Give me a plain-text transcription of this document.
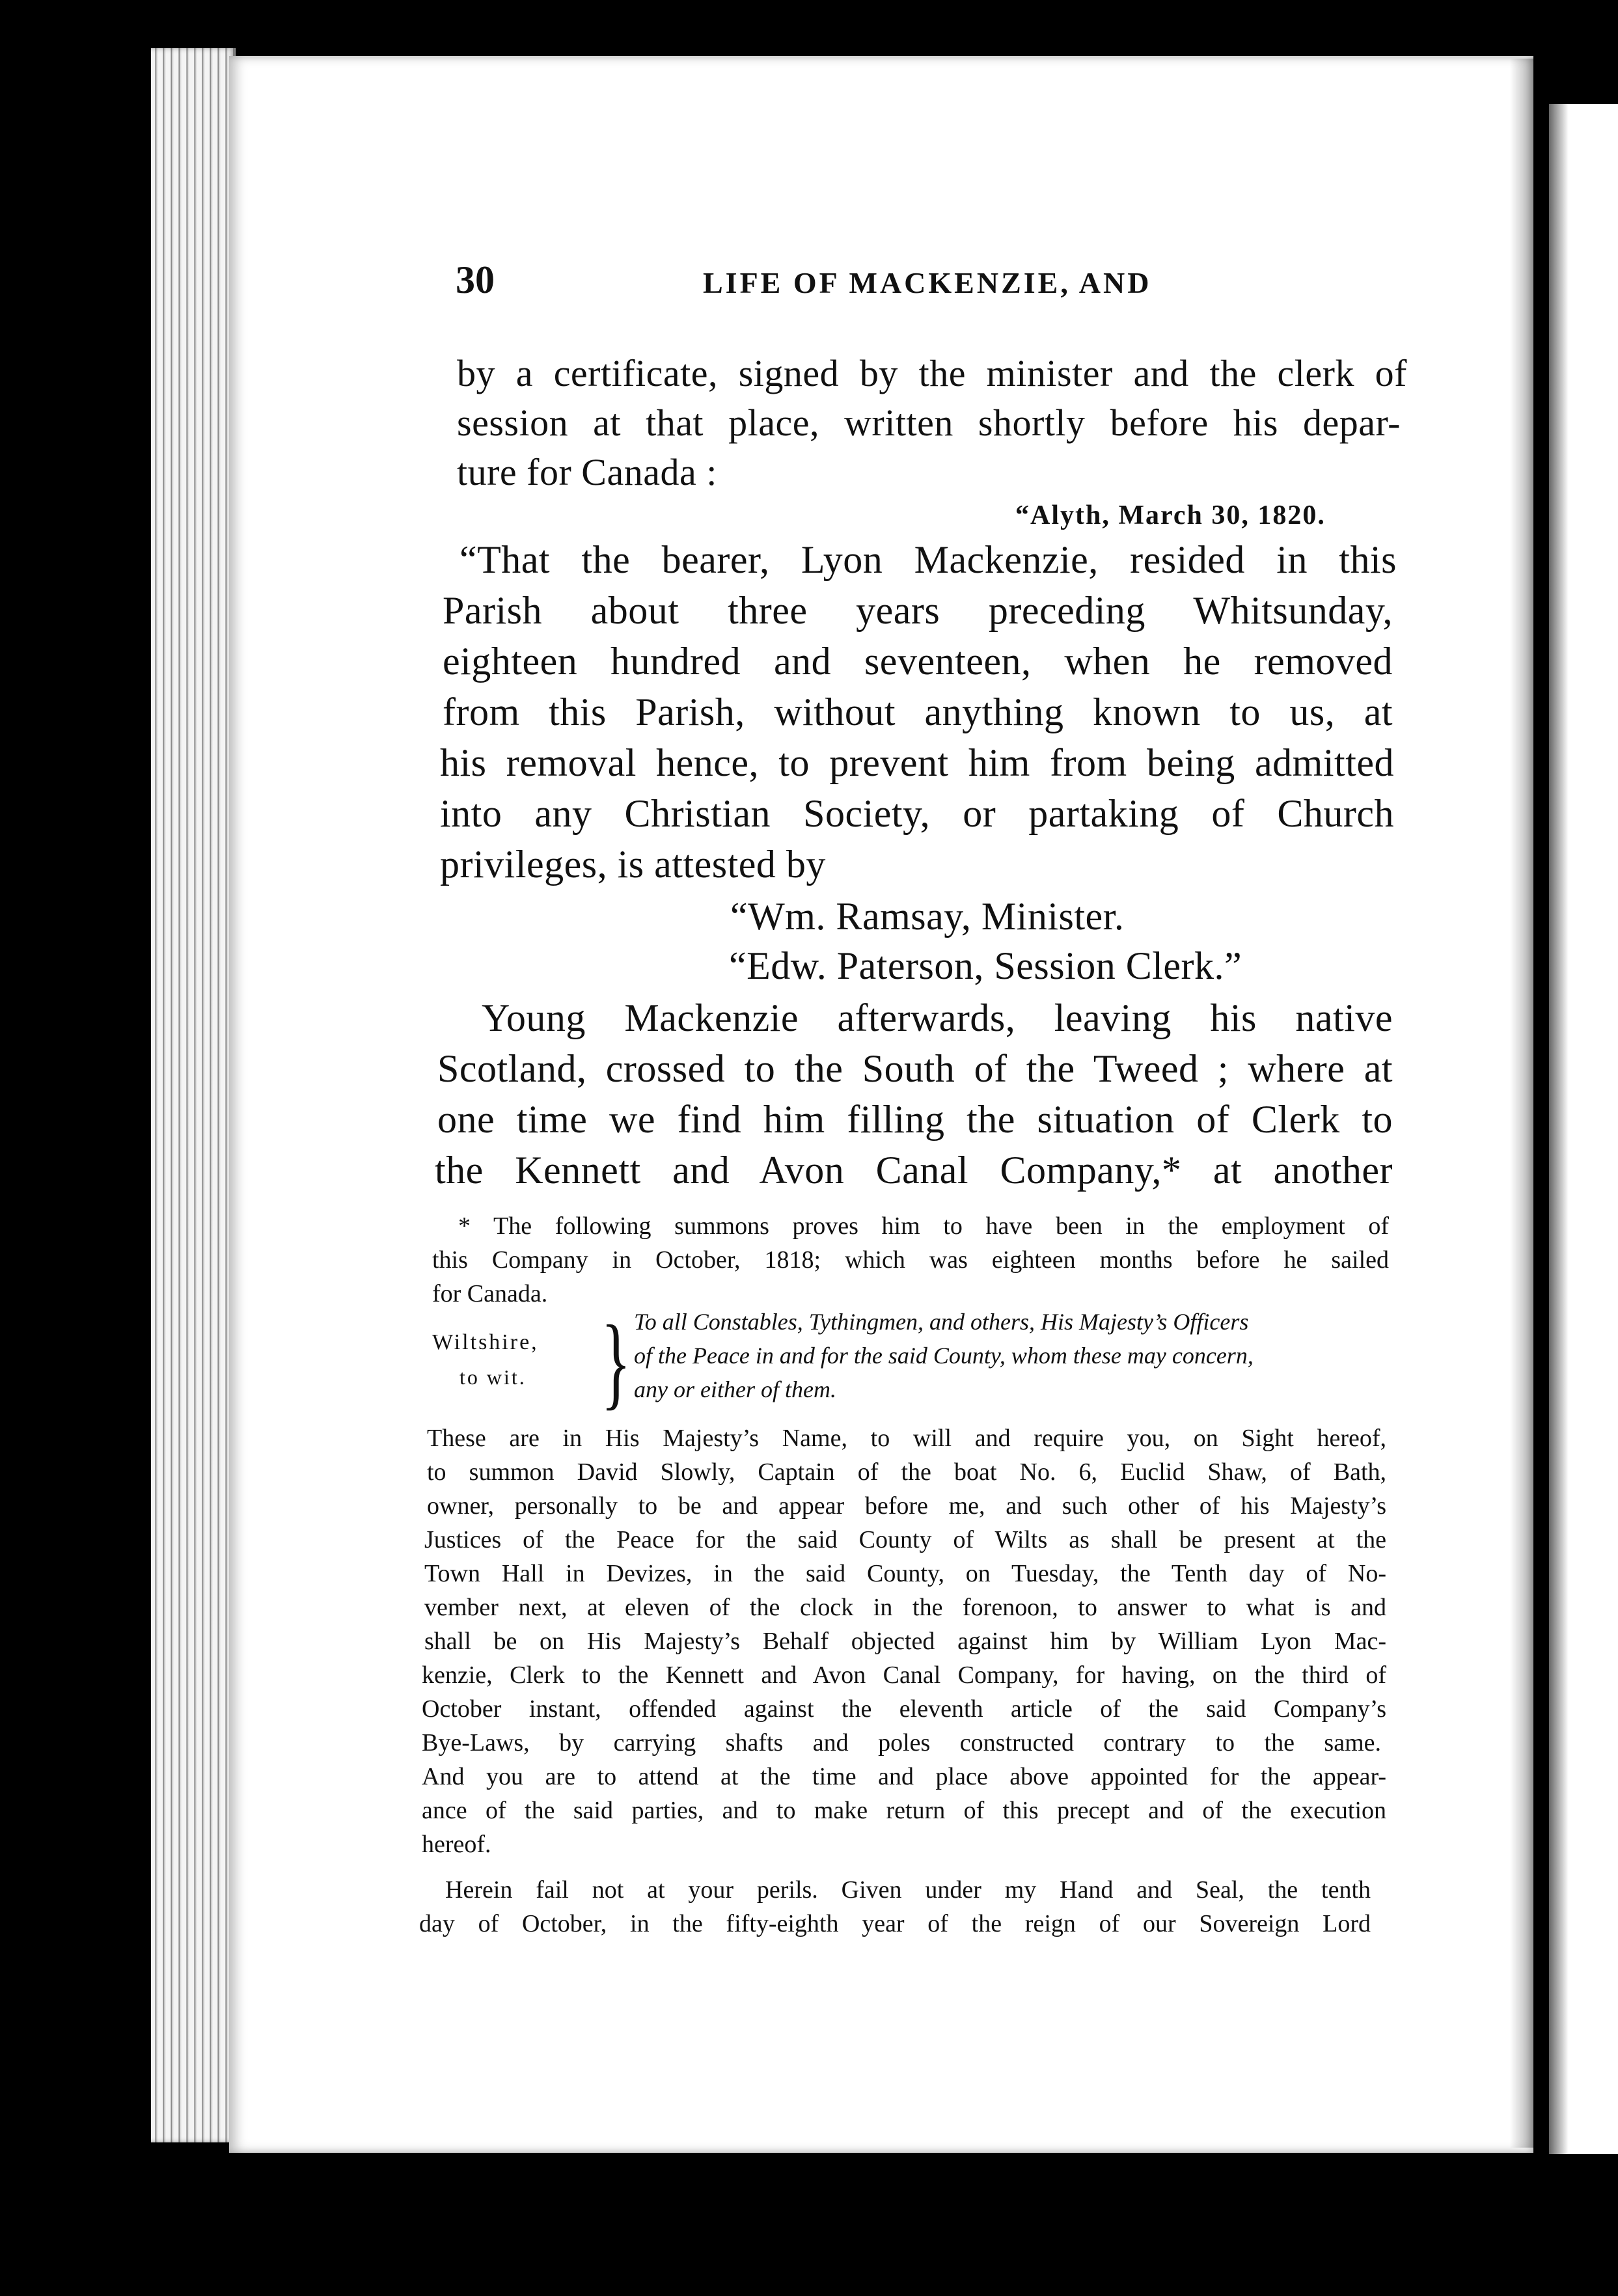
30	LIFE OF MACKENZIE, AND
by a certificate, signed by the minister and the clerk of
session at that place, written shortly before his depar-
ture for Canada :
“Alyth, March 30, 1820.
“That the bearer, Lyon Mackenzie, resided in this
Parish about three years preceding Whitsunday,
eighteen hundred and seventeen, when he removed
from this Parish, without anything known to us, at
his removal hence, to prevent him from being admitted
into any Christian Society, or partaking of Church
privileges, is attested by
“Wm. Ramsay, Minister.
“Edw. Paterson, Session Clerk.”
Young Mackenzie afterwards, leaving his native
Scotland, crossed to the South of the Tweed ; where at
one time we find him filling the situation of Clerk to
the Kennett and Avon Canal Company,* at another
* The following summons proves him to have been in the employment of
this Company in October, 1818; which was eighteen months before he sailed
for Canada.
Wiltshire,
to wit. } To all Constables, Tythingmen, and others, His Majesty’s Officers
of the Peace in and for the said County, whom these may concern,
any or either of them.
These are in His Majesty’s Name, to will and require you, on Sight hereof,
to summon David Slowly, Captain of the boat No. 6, Euclid Shaw, of Bath,
owner, personally to be and appear before me, and such other of his Majesty’s
Justices of the Peace for the said County of Wilts as shall be present at the
Town Hall in Devizes, in the said County, on Tuesday, the Tenth day of No-
vember next, at eleven of the clock in the forenoon, to answer to what is and
shall be on His Majesty’s Behalf objected against him by William Lyon Mac-
kenzie, Clerk to the Kennett and Avon Canal Company, for having, on the third of
October instant, offended against the eleventh article of the said Company’s
Bye-Laws, by carrying shafts and poles constructed contrary to the same.
And you are to attend at the time and place above appointed for the appear-
ance of the said parties, and to make return of this precept and of the execution
hereof.
Herein fail not at your perils. Given under my Hand and Seal, the tenth
day of October, in the fifty-eighth year of the reign of our Sovereign Lord
